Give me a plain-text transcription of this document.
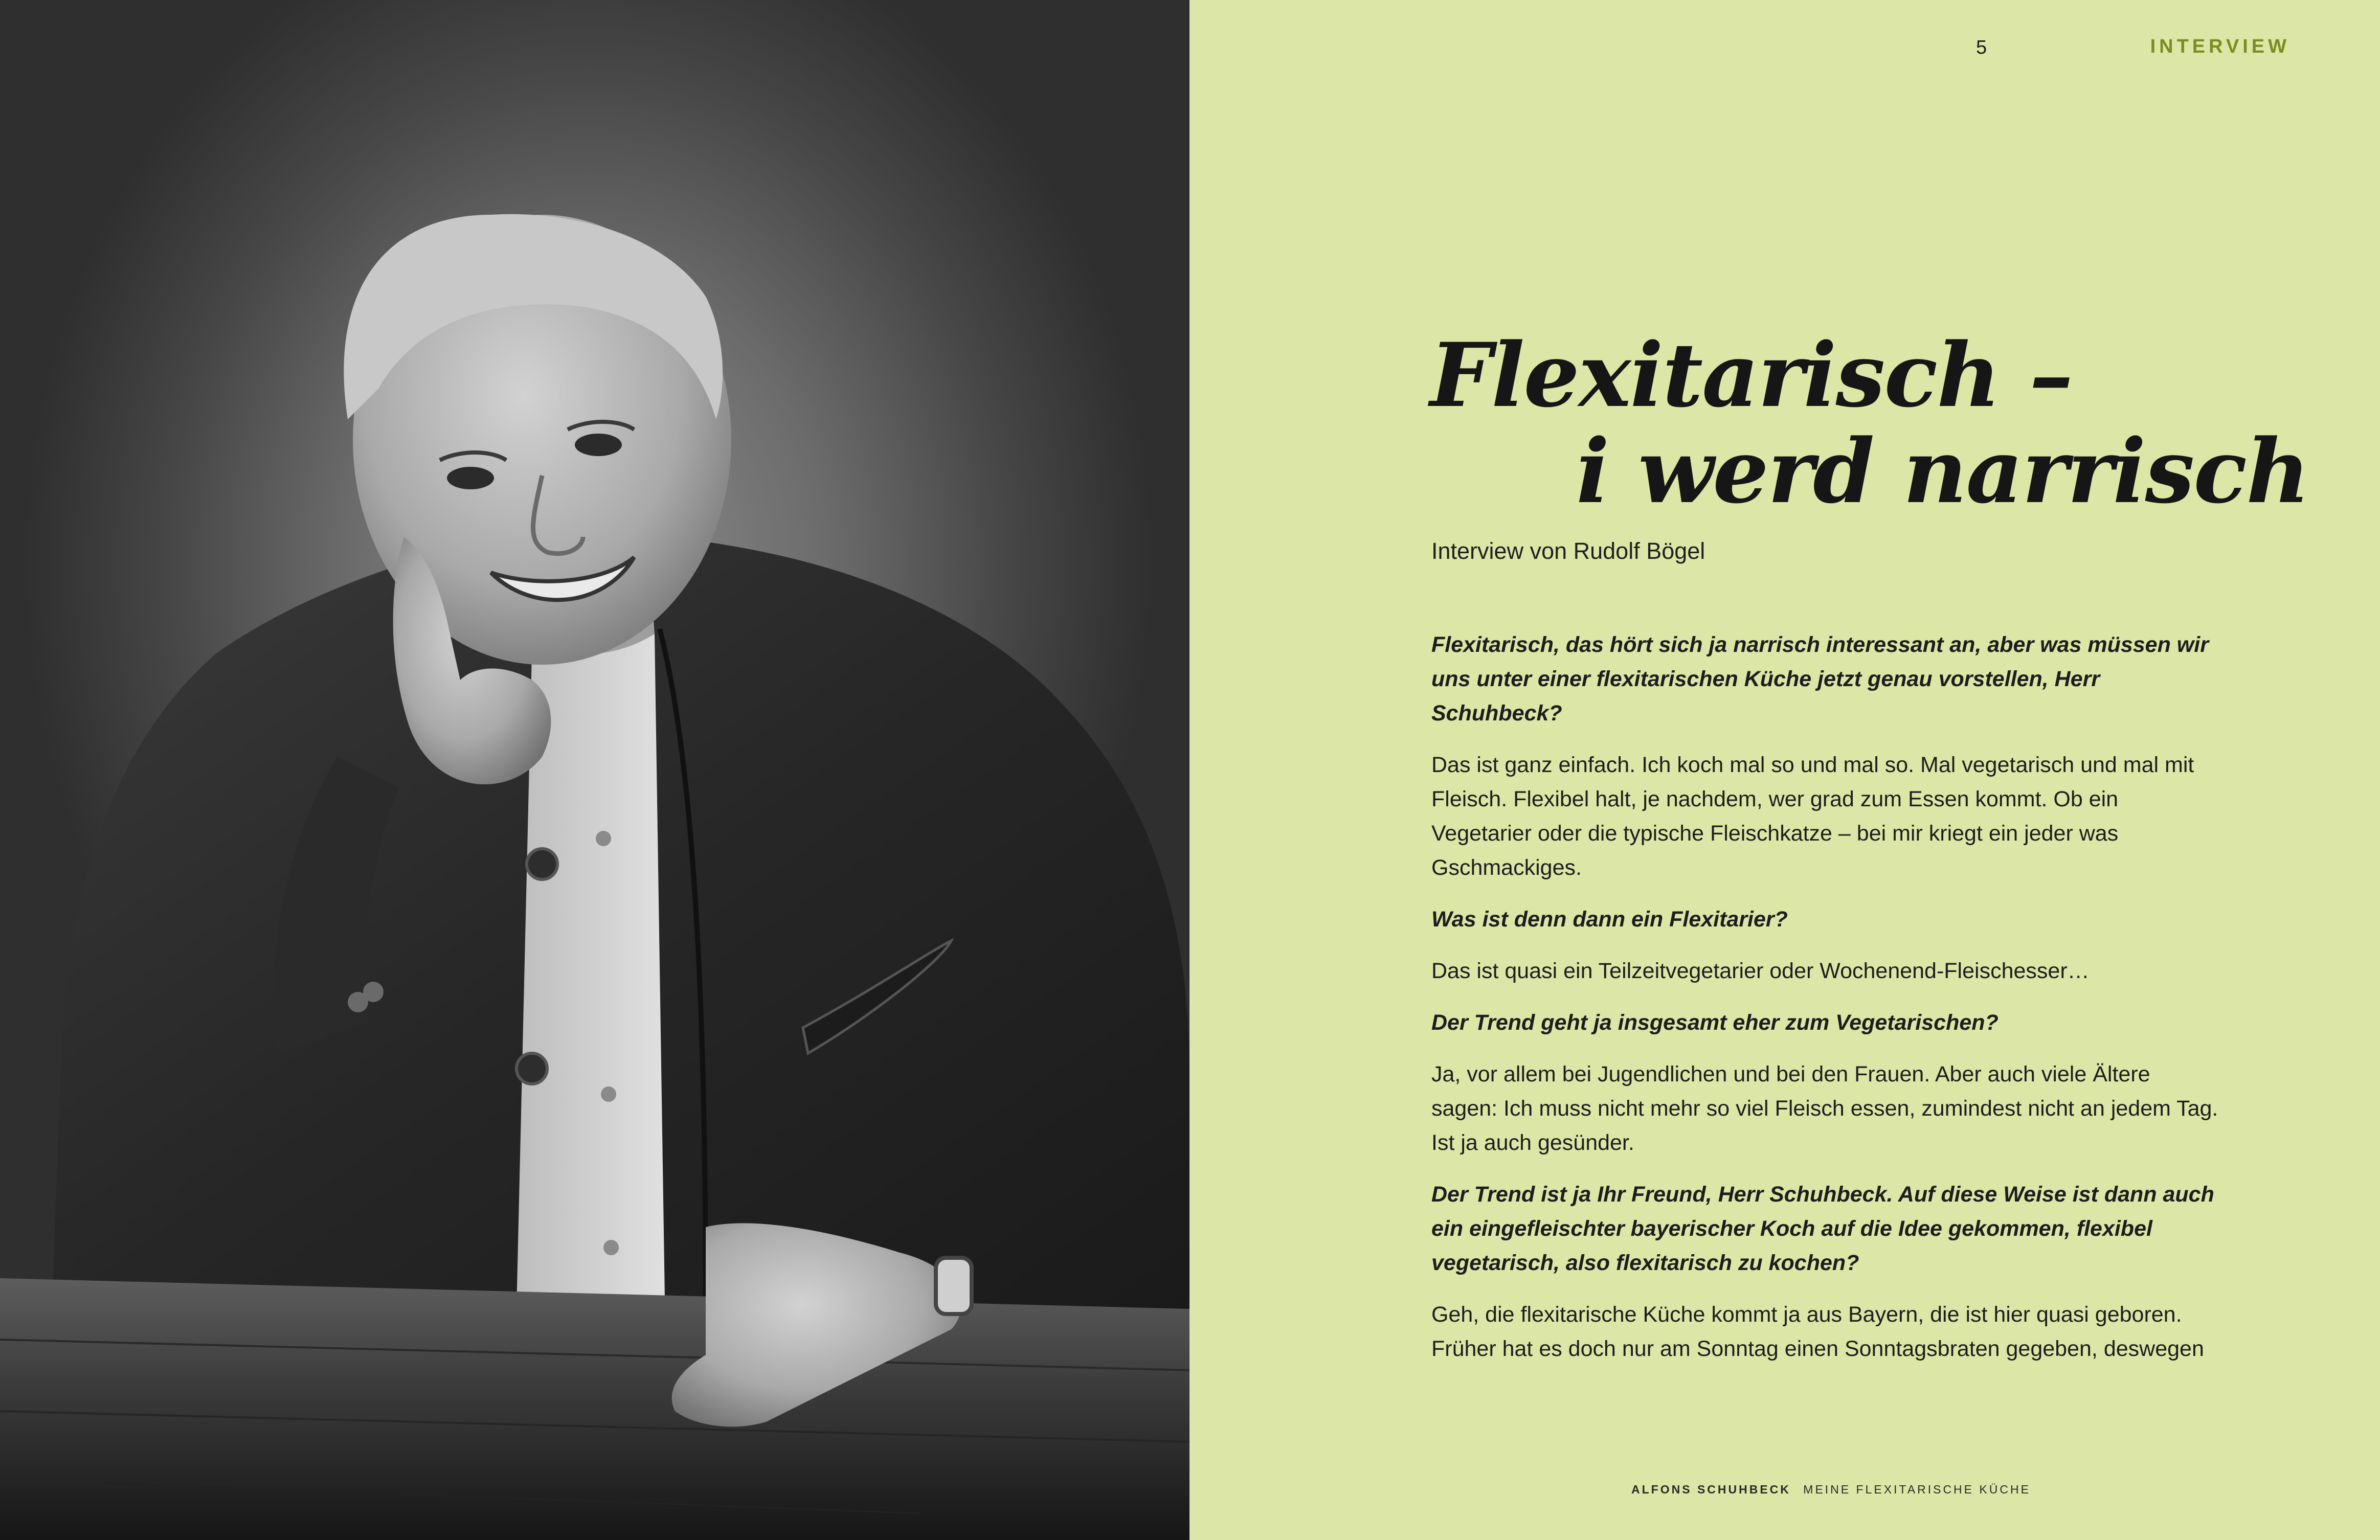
5	INTERVIEW
Flexitarisch –
i werd narrisch
Interview von Rudolf Bögel

Flexitarisch, das hört sich ja narrisch interessant an, aber was müssen wir uns unter einer flexitarischen Küche jetzt genau vorstellen, Herr Schuhbeck?

Das ist ganz einfach. Ich koch mal so und mal so. Mal vegetarisch und mal mit Fleisch. Flexibel halt, je nachdem, wer grad zum Essen kommt. Ob ein Vegetarier oder die typische Fleischkatze – bei mir kriegt ein jeder was Gschmackiges.

Was ist denn dann ein Flexitarier?

Das ist quasi ein Teilzeitvegetarier oder Wochenend-Fleischesser…

Der Trend geht ja insgesamt eher zum Vegetarischen?

Ja, vor allem bei Jugendlichen und bei den Frauen. Aber auch viele Ältere sagen: Ich muss nicht mehr so viel Fleisch essen, zumindest nicht an jedem Tag. Ist ja auch gesünder.

Der Trend ist ja Ihr Freund, Herr Schuhbeck. Auf diese Weise ist dann auch ein eingefleischter bayerischer Koch auf die Idee gekommen, flexibel vegetarisch, also flexitarisch zu kochen?

Geh, die flexitarische Küche kommt ja aus Bayern, die ist hier quasi geboren. Früher hat es doch nur am Sonntag einen Sonntagsbraten gegeben, deswegen

ALFONS SCHUHBECK MEINE FLEXITARISCHE KÜCHE
